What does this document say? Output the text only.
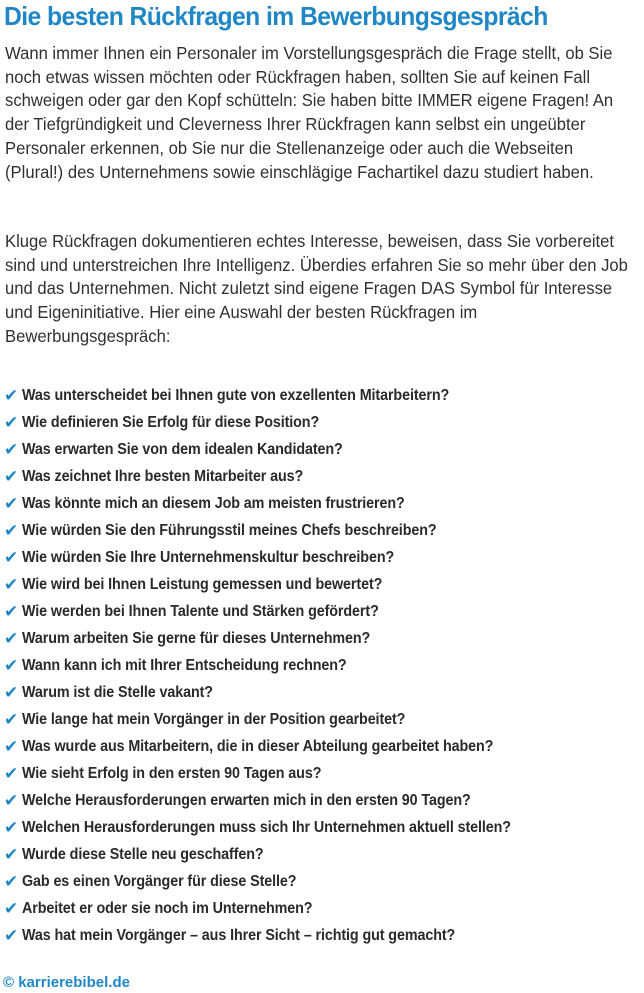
Die besten Rückfragen im Bewerbungsgespräch

Wann immer Ihnen ein Personaler im Vorstellungsgespräch die Frage stellt, ob Sie noch etwas wissen möchten oder Rückfragen haben, sollten Sie auf keinen Fall schweigen oder gar den Kopf schütteln: Sie haben bitte IMMER eigene Fragen! An der Tiefgründigkeit und Cleverness Ihrer Rückfragen kann selbst ein ungeübter Personaler erkennen, ob Sie nur die Stellenanzeige oder auch die Webseiten (Plural!) des Unternehmens sowie einschlägige Fachartikel dazu studiert haben.

Kluge Rückfragen dokumentieren echtes Interesse, beweisen, dass Sie vorbereitet sind und unterstreichen Ihre Intelligenz. Überdies erfahren Sie so mehr über den Job und das Unternehmen. Nicht zuletzt sind eigene Fragen DAS Symbol für Interesse und Eigeninitiative. Hier eine Auswahl der besten Rückfragen im Bewerbungsgespräch:

✔ Was unterscheidet bei Ihnen gute von exzellenten Mitarbeitern?
✔ Wie definieren Sie Erfolg für diese Position?
✔ Was erwarten Sie von dem idealen Kandidaten?
✔ Was zeichnet Ihre besten Mitarbeiter aus?
✔ Was könnte mich an diesem Job am meisten frustrieren?
✔ Wie würden Sie den Führungsstil meines Chefs beschreiben?
✔ Wie würden Sie Ihre Unternehmenskultur beschreiben?
✔ Wie wird bei Ihnen Leistung gemessen und bewertet?
✔ Wie werden bei Ihnen Talente und Stärken gefördert?
✔ Warum arbeiten Sie gerne für dieses Unternehmen?
✔ Wann kann ich mit Ihrer Entscheidung rechnen?
✔ Warum ist die Stelle vakant?
✔ Wie lange hat mein Vorgänger in der Position gearbeitet?
✔ Was wurde aus Mitarbeitern, die in dieser Abteilung gearbeitet haben?
✔ Wie sieht Erfolg in den ersten 90 Tagen aus?
✔ Welche Herausforderungen erwarten mich in den ersten 90 Tagen?
✔ Welchen Herausforderungen muss sich Ihr Unternehmen aktuell stellen?
✔ Wurde diese Stelle neu geschaffen?
✔ Gab es einen Vorgänger für diese Stelle?
✔ Arbeitet er oder sie noch im Unternehmen?
✔ Was hat mein Vorgänger – aus Ihrer Sicht – richtig gut gemacht?
© karrierebibel.de
